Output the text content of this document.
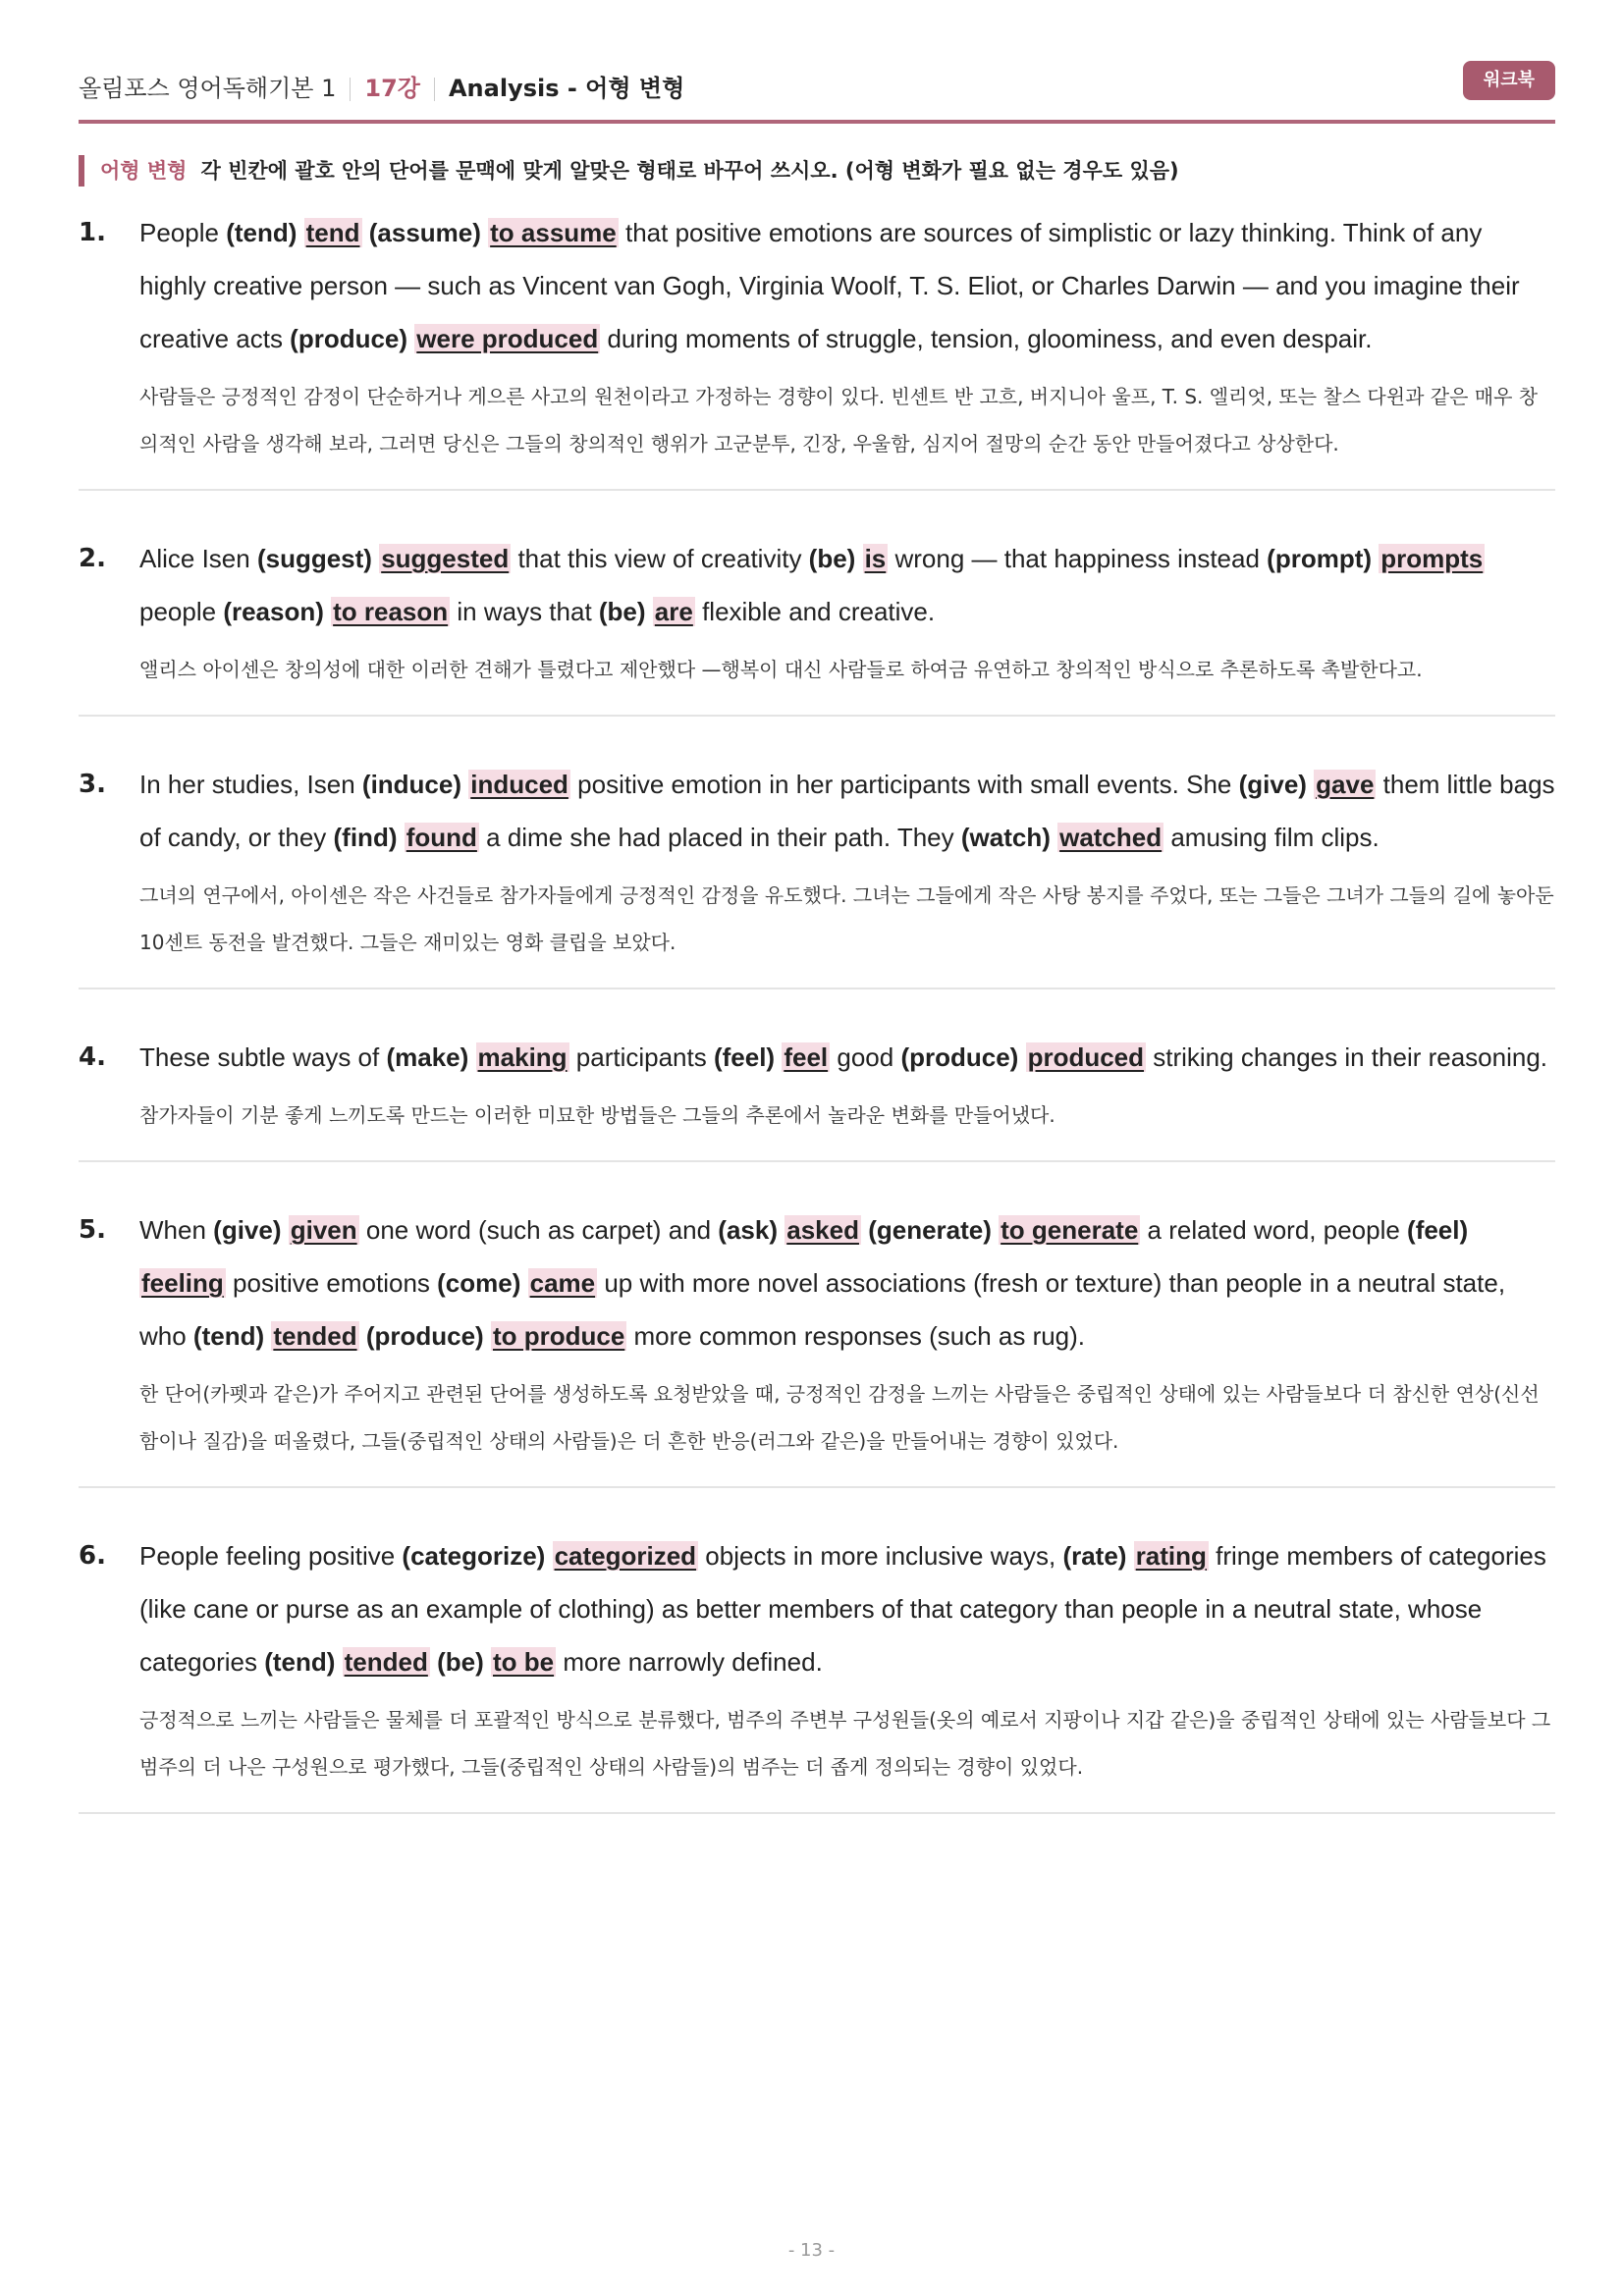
올림포스 영어독해기본 1 17강 Analysis - 어형 변형	워크북
어형 변형 각 빈칸에 괄호 안의 단어를 문맥에 맞게 알맞은 형태로 바꾸어 쓰시오. (어형 변화가 필요 없는 경우도 있음)
1. People (tend) tend (assume) to assume that positive emotions are sources of simplistic or lazy thinking. Think of any highly creative person — such as Vincent van Gogh, Virginia Woolf, T. S. Eliot, or Charles Darwin — and you imagine their creative acts (produce) were produced during moments of struggle, tension, gloominess, and even despair.
사람들은 긍정적인 감정이 단순하거나 게으른 사고의 원천이라고 가정하는 경향이 있다. 빈센트 반 고흐, 버지니아 울프, T. S. 엘리엇, 또는 찰스 다윈과 같은 매우 창의적인 사람을 생각해 보라, 그러면 당신은 그들의 창의적인 행위가 고군분투, 긴장, 우울함, 심지어 절망의 순간 동안 만들어졌다고 상상한다.
2. Alice Isen (suggest) suggested that this view of creativity (be) is wrong — that happiness instead (prompt) prompts people (reason) to reason in ways that (be) are flexible and creative.
앨리스 아이센은 창의성에 대한 이러한 견해가 틀렸다고 제안했다 —행복이 대신 사람들로 하여금 유연하고 창의적인 방식으로 추론하도록 촉발한다고.
3. In her studies, Isen (induce) induced positive emotion in her participants with small events. She (give) gave them little bags of candy, or they (find) found a dime she had placed in their path. They (watch) watched amusing film clips.
그녀의 연구에서, 아이센은 작은 사건들로 참가자들에게 긍정적인 감정을 유도했다. 그녀는 그들에게 작은 사탕 봉지를 주었다, 또는 그들은 그녀가 그들의 길에 놓아둔 10센트 동전을 발견했다. 그들은 재미있는 영화 클립을 보았다.
4. These subtle ways of (make) making participants (feel) feel good (produce) produced striking changes in their reasoning.
참가자들이 기분 좋게 느끼도록 만드는 이러한 미묘한 방법들은 그들의 추론에서 놀라운 변화를 만들어냈다.
5. When (give) given one word (such as carpet) and (ask) asked (generate) to generate a related word, people (feel) feeling positive emotions (come) came up with more novel associations (fresh or texture) than people in a neutral state, who (tend) tended (produce) to produce more common responses (such as rug).
한 단어(카펫과 같은)가 주어지고 관련된 단어를 생성하도록 요청받았을 때, 긍정적인 감정을 느끼는 사람들은 중립적인 상태에 있는 사람들보다 더 참신한 연상(신선함이나 질감)을 떠올렸다, 그들(중립적인 상태의 사람들)은 더 흔한 반응(러그와 같은)을 만들어내는 경향이 있었다.
6. People feeling positive (categorize) categorized objects in more inclusive ways, (rate) rating fringe members of categories (like cane or purse as an example of clothing) as better members of that category than people in a neutral state, whose categories (tend) tended (be) to be more narrowly defined.
긍정적으로 느끼는 사람들은 물체를 더 포괄적인 방식으로 분류했다, 범주의 주변부 구성원들(옷의 예로서 지팡이나 지갑 같은)을 중립적인 상태에 있는 사람들보다 그 범주의 더 나은 구성원으로 평가했다, 그들(중립적인 상태의 사람들)의 범주는 더 좁게 정의되는 경향이 있었다.
- 13 -
